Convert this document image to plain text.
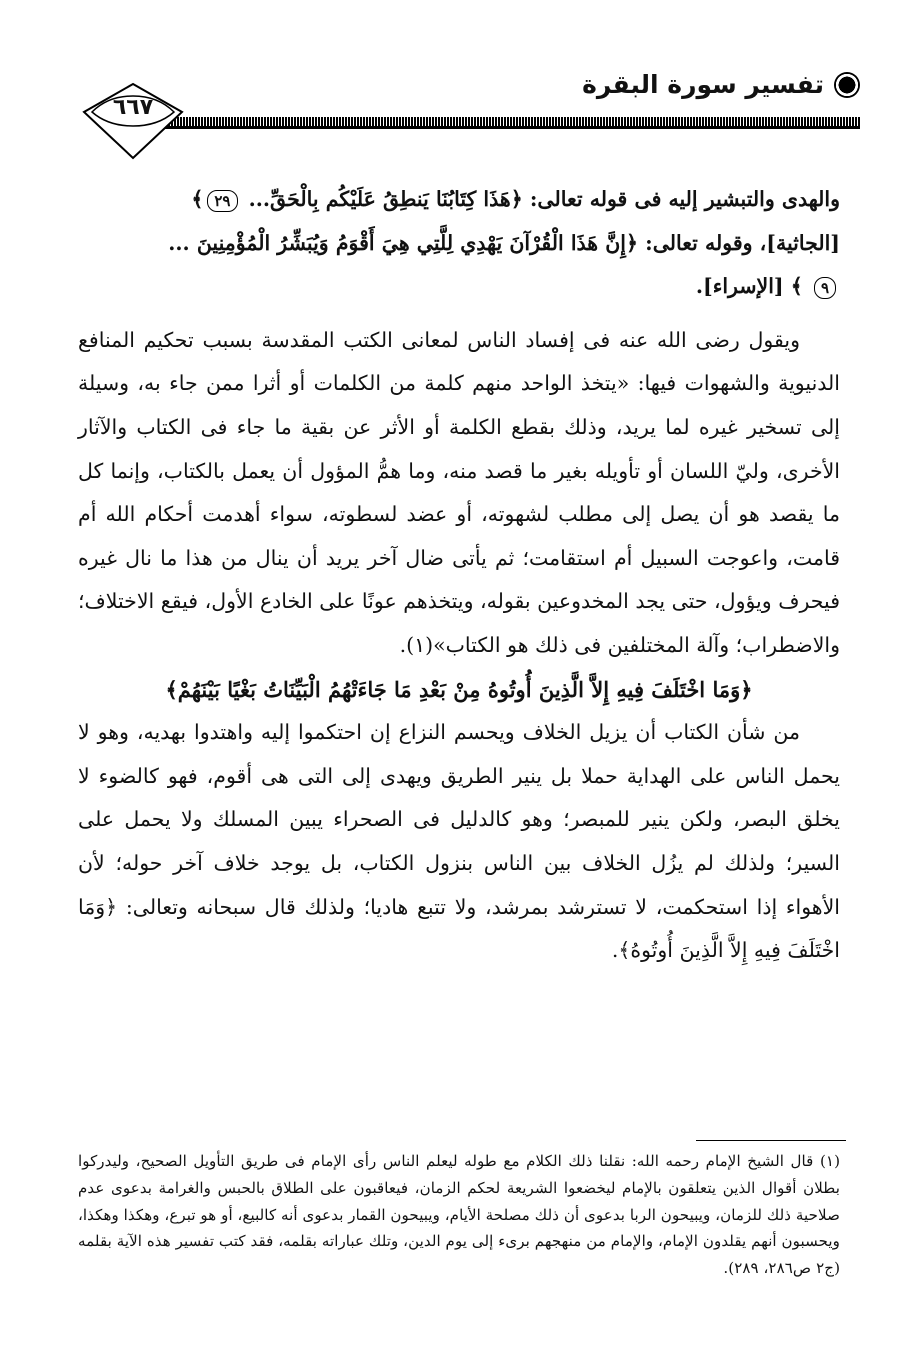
تفسير سورة البقرة
٦٦٧

والهدى والتبشير إليه فى قوله تعالى: ﴿هَذَا كِتَابُنَا يَنطِقُ عَلَيْكُم بِالْحَقِّ... ٢٩﴾

[الجاثية]، وقوله تعالى: ﴿إِنَّ هَذَا الْقُرْآنَ يَهْدِي لِلَّتِي هِيَ أَقْوَمُ وَيُبَشِّرُ الْمُؤْمِنِينَ ...

٩ ﴾ [الإسراء].

ويقول رضى الله عنه فى إفساد الناس لمعانى الكتب المقدسة بسبب تحكيم المنافع الدنيوية والشهوات فيها: «يتخذ الواحد منهم كلمة من الكلمات أو أثرا ممن جاء به، وسيلة إلى تسخير غيره لما يريد، وذلك بقطع الكلمة أو الأثر عن بقية ما جاء فى الكتاب والآثار الأخرى، وليّ اللسان أو تأويله بغير ما قصد منه، وما همُّ المؤول أن يعمل بالكتاب، وإنما كل ما يقصد هو أن يصل إلى مطلب لشهوته، أو عضد لسطوته، سواء أهدمت أحكام الله أم قامت، واعوجت السبيل أم استقامت؛ ثم يأتى ضال آخر يريد أن ينال من هذا ما نال غيره فيحرف ويؤول، حتى يجد المخدوعين بقوله، ويتخذهم عونًا على الخادع الأول، فيقع الاختلاف؛ والاضطراب؛ وآلة المختلفين فى ذلك هو الكتاب»(١).

﴿وَمَا اخْتَلَفَ فِيهِ إِلاَّ الَّذِينَ أُوتُوهُ مِنْ بَعْدِ مَا جَاءَتْهُمُ الْبَيِّنَاتُ بَغْيًا بَيْنَهُمْ﴾

من شأن الكتاب أن يزيل الخلاف ويحسم النزاع إن احتكموا إليه واهتدوا بهديه، وهو لا يحمل الناس على الهداية حملا بل ينير الطريق ويهدى إلى التى هى أقوم، فهو كالضوء لا يخلق البصر، ولكن ينير للمبصر؛ وهو كالدليل فى الصحراء يبين المسلك ولا يحمل على السير؛ ولذلك لم يزُل الخلاف بين الناس بنزول الكتاب، بل يوجد خلاف آخر حوله؛ لأن الأهواء إذا استحكمت، لا تسترشد بمرشد، ولا تتبع هاديا؛ ولذلك قال سبحانه وتعالى: ﴿وَمَا اخْتَلَفَ فِيهِ إِلاَّ الَّذِينَ أُوتُوهُ﴾.

(١) قال الشيخ الإمام رحمه الله: نقلنا ذلك الكلام مع طوله ليعلم الناس رأى الإمام فى طريق التأويل الصحيح، وليدركوا بطلان أقوال الذين يتعلقون بالإمام ليخضعوا الشريعة لحكم الزمان، فيعاقبون على الطلاق بالحبس والغرامة بدعوى عدم صلاحية ذلك للزمان، ويبيحون الربا بدعوى أن ذلك مصلحة الأيام، ويبيحون القمار بدعوى أنه كالبيع، أو هو تبرع، وهكذا وهكذا، ويحسبون أنهم يقلدون الإمام، والإمام من منهجهم برىء إلى يوم الدين، وتلك عباراته بقلمه، فقد كتب تفسير هذه الآية بقلمه (ج٢ ص٢٨٦، ٢٨٩).
